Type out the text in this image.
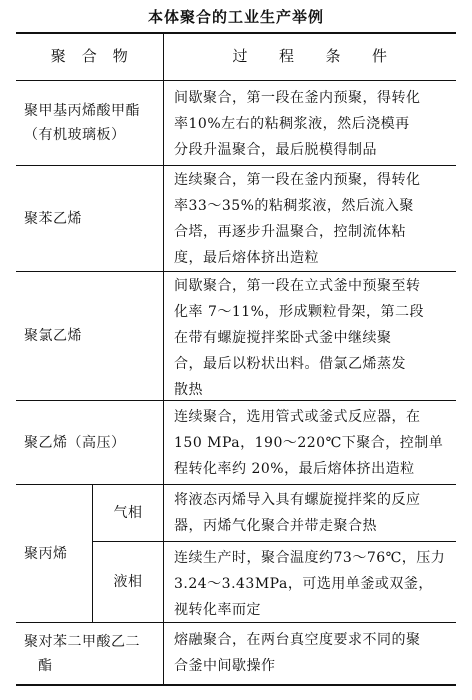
本体聚合的工业生产举例
聚　合　物	过　　程　　条　　件
聚甲基丙烯酸甲酯
（有机玻璃板）
间歇聚合，第一段在釜内预聚，得转化
率10%左右的粘稠浆液，然后浇模再
分段升温聚合，最后脱模得制品
聚苯乙烯
连续聚合，第一段在釜内预聚，得转化
率33～35%的粘稠浆液，然后流入聚
合塔，再逐步升温聚合，控制流体粘
度，最后熔体挤出造粒
聚氯乙烯
间歇聚合，第一段在立式釜中预聚至转
化率 7～11%，形成颗粒骨架，第二段
在带有螺旋搅拌桨卧式釜中继续聚
合，最后以粉状出料。借氯乙烯蒸发
散热
聚乙烯（高压）
连续聚合，选用管式或釜式反应器，在
150 MPa，190～220℃下聚合，控制单
程转化率约 20%，最后熔体挤出造粒
聚丙烯
气相
将液态丙烯导入具有螺旋搅拌桨的反应
器，丙烯气化聚合并带走聚合热
液相
连续生产时，聚合温度约73～76℃，压力
3.24～3.43MPa，可选用单釜或双釜，
视转化率而定
聚对苯二甲酸乙二
酯
熔融聚合，在两台真空度要求不同的聚
合釜中间歇操作
